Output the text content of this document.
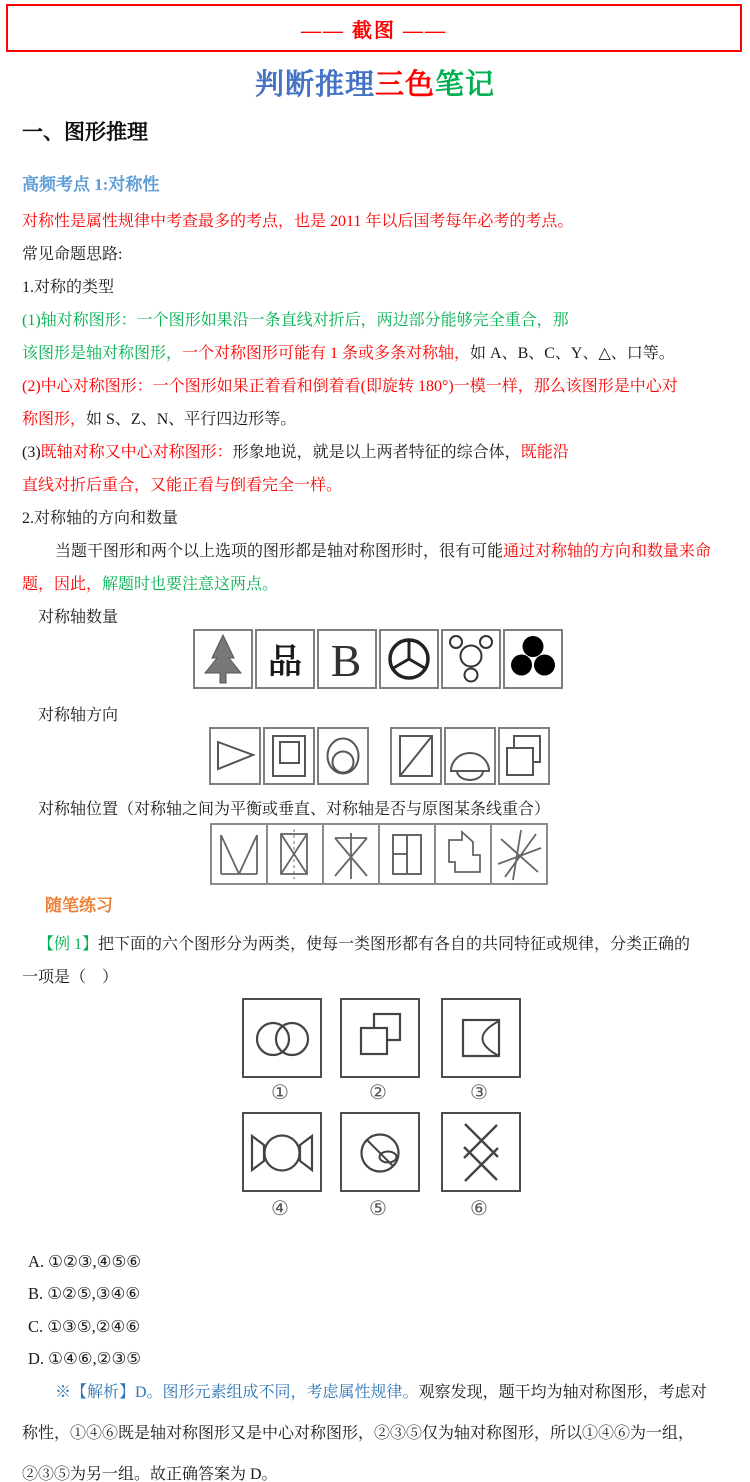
—— 截图 ——
判断推理三色笔记
一、图形推理
高频考点 1:对称性
对称性是属性规律中考查最多的考点，也是 2011 年以后国考每年必考的考点。
常见命题思路:
1.对称的类型
(1)轴对称图形：一个图形如果沿一条直线对折后，两边部分能够完全重合，那
该图形是轴对称图形，一个对称图形可能有 1 条或多条对称轴，如 A、B、C、Y、△、口等。
(2)中心对称图形：一个图形如果正着看和倒着看(即旋转 180°)一模一样，那么该图形是中心对
称图形，如 S、Z、N、平行四边形等。
(3)既轴对称又中心对称图形：形象地说，就是以上两者特征的综合体，既能沿
直线对折后重合，又能正看与倒看完全一样。
2.对称轴的方向和数量
当题干图形和两个以上选项的图形都是轴对称图形时，很有可能通过对称轴的方向和数量来命
题，因此，解题时也要注意这两点。
对称轴数量
品 B
对称轴方向
对称轴位置（对称轴之间为平衡或垂直、对称轴是否与原图某条线重合）
随笔练习
【例 1】把下面的六个图形分为两类，使每一类图形都有各自的共同特征或规律，分类正确的
一项是（　）
①	②	③
④	⑤	⑥
A. ①②③,④⑤⑥
B. ①②⑤,③④⑥
C. ①③⑤,②④⑥
D. ①④⑥,②③⑤
※【解析】D。图形元素组成不同，考虑属性规律。观察发现，题干均为轴对称图形，考虑对
称性，①④⑥既是轴对称图形又是中心对称图形，②③⑤仅为轴对称图形，所以①④⑥为一组，
②③⑤为另一组。故正确答案为 D。
